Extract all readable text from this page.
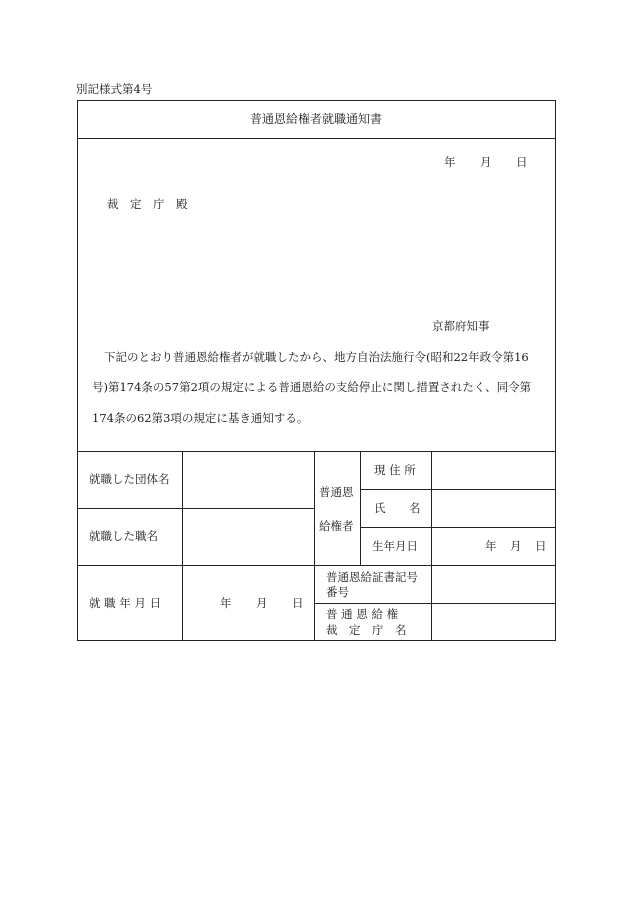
別記様式第4号
普通恩給権者就職通知書
年 月 日
裁　定　庁 殿
京都府知事
下記のとおり普通恩給権者が就職したから、地方自治法施行令(昭和22年政令第16
号)第174条の57第2項の規定による普通恩給の支給停止に関し措置されたく、同令第
174条の62第3項の規定に基き通知する。
就職した団体名
就職した職名
就 職 年 月 日	年 月 日
普通恩
給権者
現 住 所
氏 名
生年月日	年 月 日
普通恩給証書記号
番号
普 通 恩 給 権
裁　定　庁　名
